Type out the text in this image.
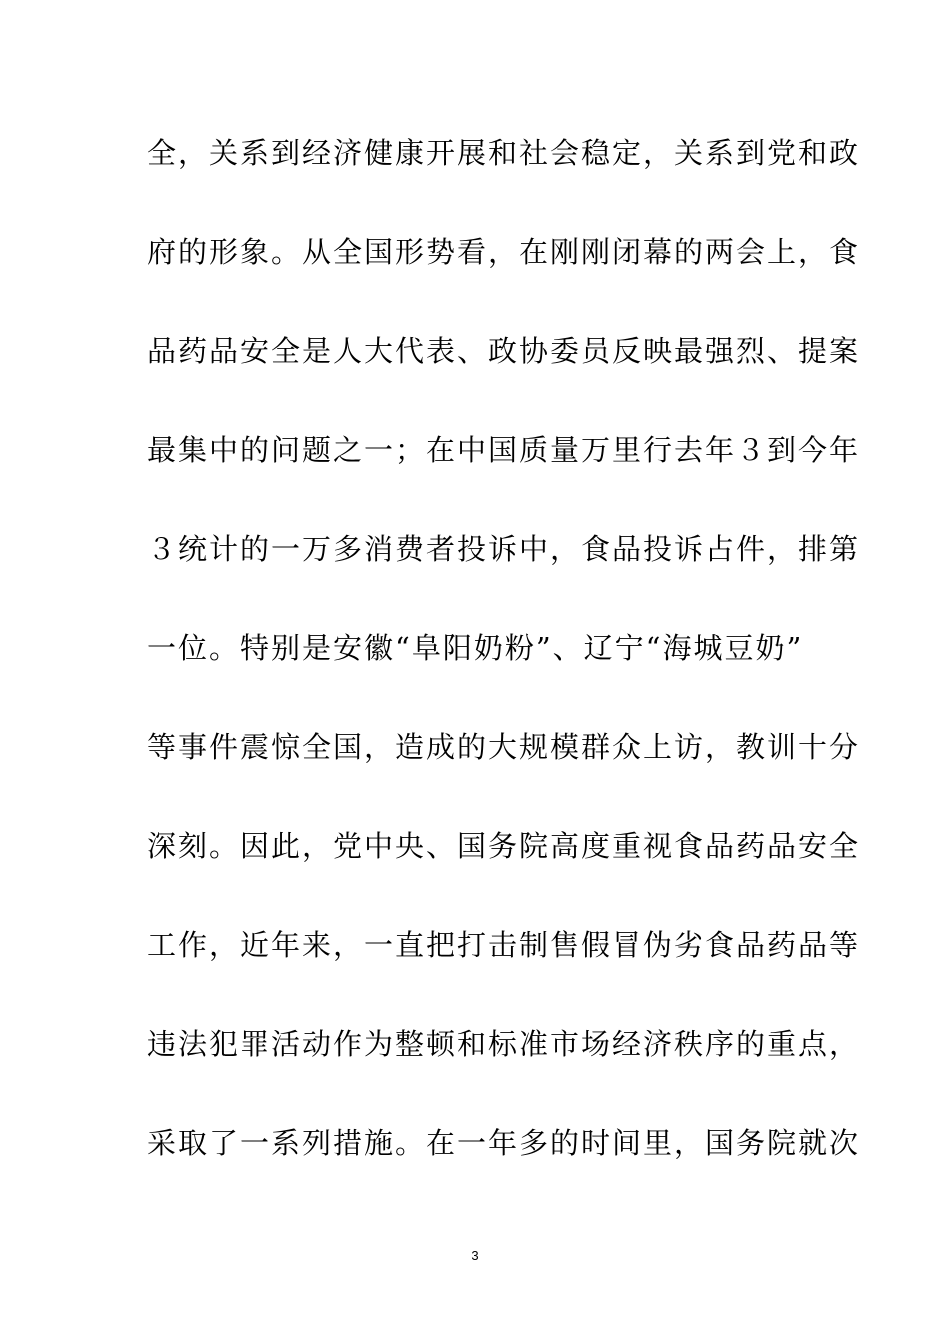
全，关系到经济健康开展和社会稳定，关系到党和政
府的形象。从全国形势看，在刚刚闭幕的两会上，食
品药品安全是人大代表、政协委员反映最强烈、提案
最集中的问题之一；在中国质量万里行去年３到今年
３统计的一万多消费者投诉中，食品投诉占件，排第
一位。特别是安徽“阜阳奶粉”、辽宁“海城豆奶”
等事件震惊全国，造成的大规模群众上访，教训十分
深刻。因此，党中央、国务院高度重视食品药品安全
工作，近年来，一直把打击制售假冒伪劣食品药品等
违法犯罪活动作为整顿和标准市场经济秩序的重点，
采取了一系列措施。在一年多的时间里，国务院就次
3
